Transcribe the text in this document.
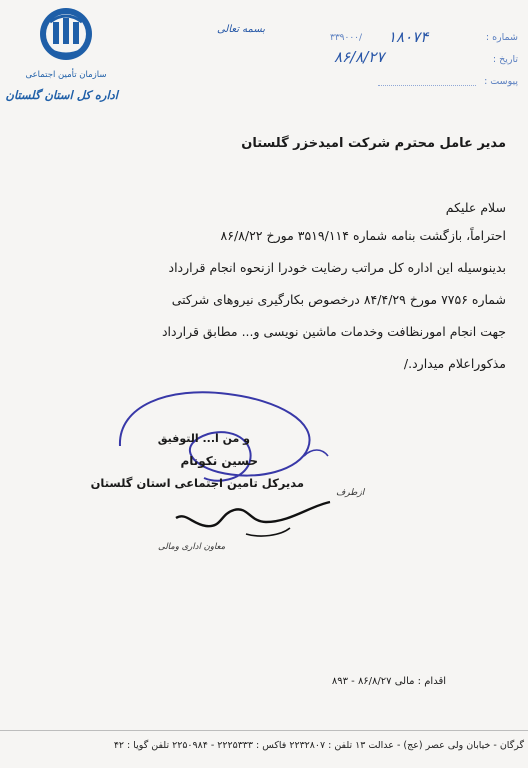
سازمان تأمین اجتماعی
اداره کل استان گلستان
بسمه تعالی
شماره :
۳۳۹۰۰۰/ ۱۸۰۷۴
تاریخ :
۸۶/۸/۲۷
پیوست :
مدیر عامل محترم شرکت امیدخزر گلستان
سلام علیکم
احتراماً، بازگشت بنامه شماره ۳۵۱۹/۱۱۴ مورخ ۸۶/۸/۲۲
بدینوسیله این اداره کل مراتب رضایت خودرا ازنحوه انجام قرارداد
شماره ۷۷۵۶ مورخ ۸۴/۴/۲۹ درخصوص بکارگیری نیروهای شرکتی
جهت انجام امورنظافت وخدمات ماشین نویسی و... مطابق قرارداد
مذکوراعلام میدارد./
و من ا... التوفیق
حسین نکونام
مدیرکل تامین اجتماعی استان گلستان
ازطرف
معاون اداری ومالی
اقدام : مالی ۸۶/۸/۲۷ - ۸۹۳
گرگان - خیابان ولی عصر (عج) - عدالت ۱۳ تلفن : ۲۲۳۲۸۰۷ فاکس : ۲۲۲۵۳۳۳ - ۲۲۵۰۹۸۴ تلفن گویا : ۴۲
